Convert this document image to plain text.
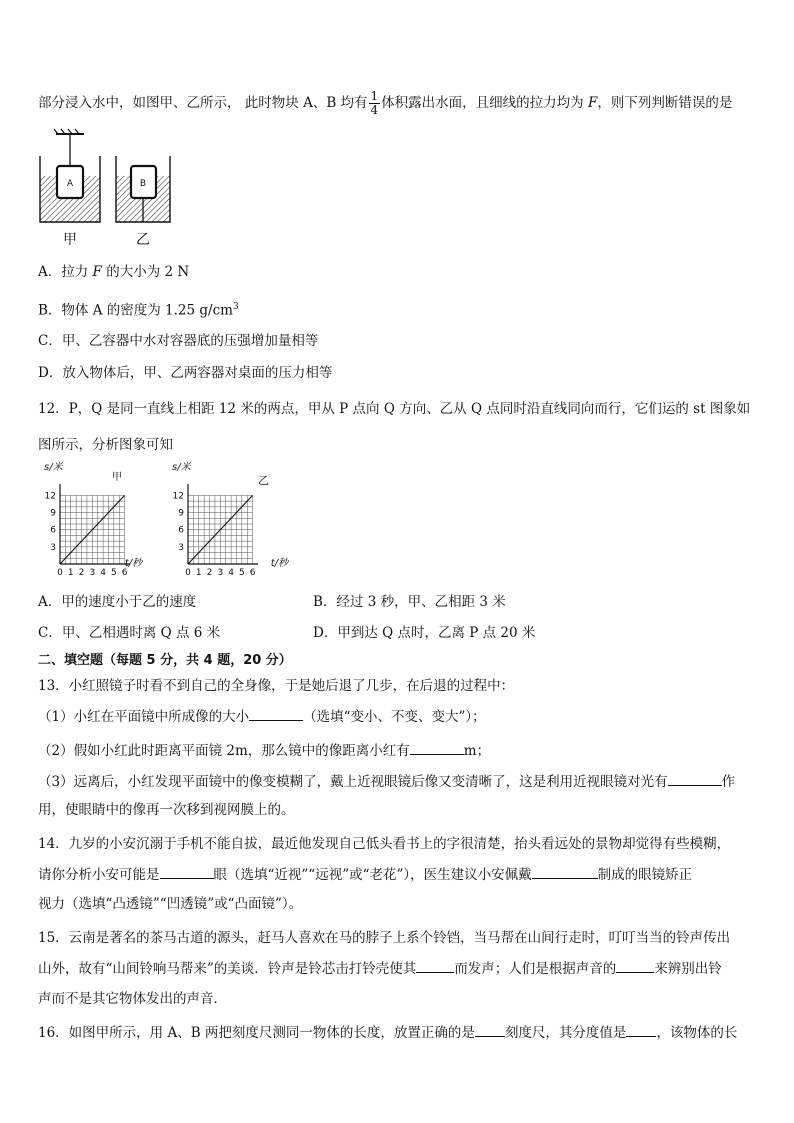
部分浸入水中，如图甲、乙所示， 此时物块 A、B 均有 $\frac{1}{4}$ 体积露出水面，且细线的拉力均为 F，则下列判断错误的是
A	B
甲	乙
A．拉力 F 的大小为 2 N
B．物体 A 的密度为 1.25 $g/cm^3$
C．甲、乙容器中水对容器底的压强增加量相等
D．放入物体后，甲、乙两容器对桌面的压力相等
12．P，Q 是同一直线上相距 12 米的两点，甲从 P 点向 Q 方向、乙从 Q 点同时沿直线同向而行，它们运的 st 图象如
图所示，分析图象可知
0 1 2 3 4 5 6
3
6
9
12
s/米
t/秒
甲
0 1 2 3 4 5 6
3
6
9
12
s/米
t/秒
乙
A．甲的速度小于乙的速度	B．经过 3 秒，甲、乙相距 3 米
C．甲、乙相遇时离 Q 点 6 米	D．甲到达 Q 点时，乙离 P 点 20 米
二、填空题（每题 5 分，共 4 题，20 分）
13．小红照镜子时看不到自己的全身像，于是她后退了几步，在后退的过程中：
（1）小红在平面镜中所成像的大小	（选填“变小、不变、变大”）；
（2）假如小红此时距离平面镜 2m，那么镜中的像距离小红有	m；
（3）远离后，小红发现平面镜中的像变模糊了，戴上近视眼镜后像又变清晰了，这是利用近视眼镜对光有	作
用，使眼睛中的像再一次移到视网膜上的。
14．九岁的小安沉溺于手机不能自拔，最近他发现自己低头看书上的字很清楚，抬头看远处的景物却觉得有些模糊，
请你分析小安可能是	眼（选填“近视”“远视”或“老花”），医生建议小安佩戴	制成的眼镜矫正
视力（选填“凸透镜”“凹透镜”或“凸面镜”）。
15．云南是著名的茶马古道的源头，赶马人喜欢在马的脖子上系个铃铛，当马帮在山间行走时，叮叮当当的铃声传出
山外，故有“山间铃响马帮来”的美谈．铃声是铃芯击打铃壳使其	而发声；人们是根据声音的	来辨别出铃
声而不是其它物体发出的声音．
16．如图甲所示，用 A、B 两把刻度尺测同一物体的长度，放置正确的是 刻度尺，其分度值是 ，该物体的长
